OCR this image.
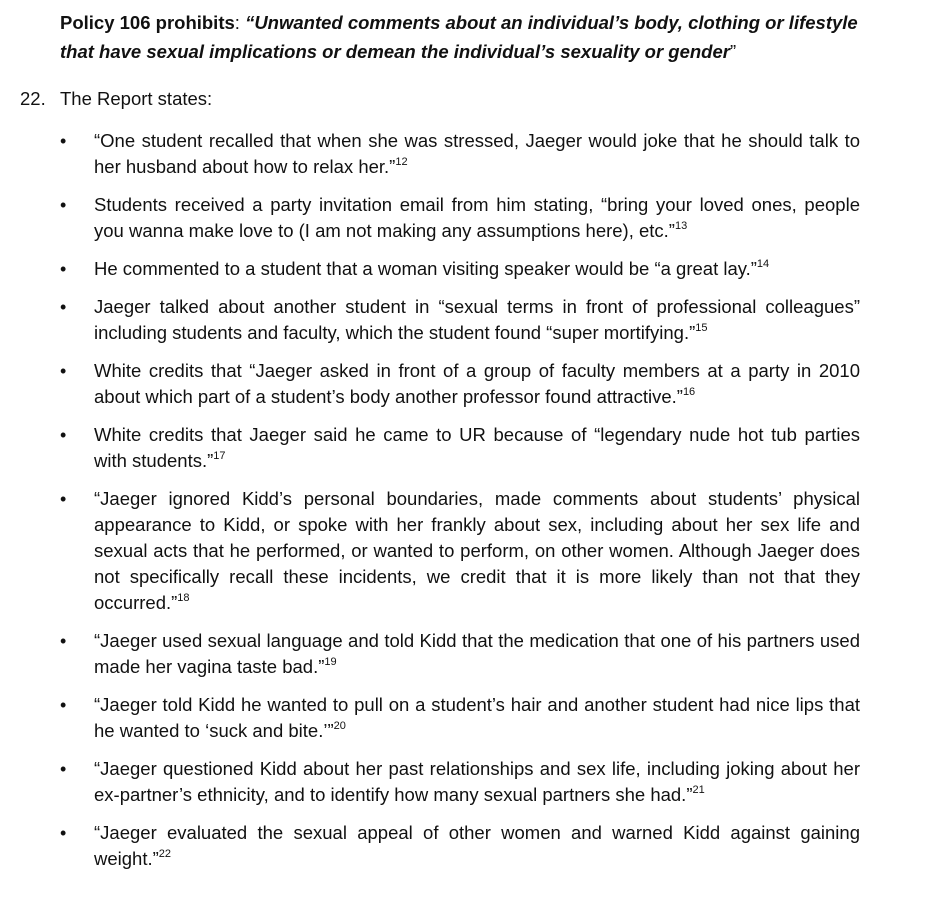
Policy 106 prohibits: “Unwanted comments about an individual’s body, clothing or lifestyle that have sexual implications or demean the individual’s sexuality or gender”
22. The Report states:
• “One student recalled that when she was stressed, Jaeger would joke that he should talk to her husband about how to relax her.”$^{12}$
• Students received a party invitation email from him stating, “bring your loved ones, people you wanna make love to (I am not making any assumptions here), etc.”$^{13}$
• He commented to a student that a woman visiting speaker would be “a great lay.”$^{14}$
• Jaeger talked about another student in “sexual terms in front of professional colleagues” including students and faculty, which the student found “super mortifying.”$^{15}$
• White credits that “Jaeger asked in front of a group of faculty members at a party in 2010 about which part of a student’s body another professor found attractive.”$^{16}$
• White credits that Jaeger said he came to UR because of “legendary nude hot tub parties with students.”$^{17}$
• “Jaeger ignored Kidd’s personal boundaries, made comments about students’ physical appearance to Kidd, or spoke with her frankly about sex, including about her sex life and sexual acts that he performed, or wanted to perform, on other women. Although Jaeger does not specifically recall these incidents, we credit that it is more likely than not that they occurred.”$^{18}$
• “Jaeger used sexual language and told Kidd that the medication that one of his partners used made her vagina taste bad.”$^{19}$
• “Jaeger told Kidd he wanted to pull on a student’s hair and another student had nice lips that he wanted to ‘suck and bite.’”$^{20}$
• “Jaeger questioned Kidd about her past relationships and sex life, including joking about her ex-partner’s ethnicity, and to identify how many sexual partners she had.”$^{21}$
• “Jaeger evaluated the sexual appeal of other women and warned Kidd against gaining weight.”$^{22}$
